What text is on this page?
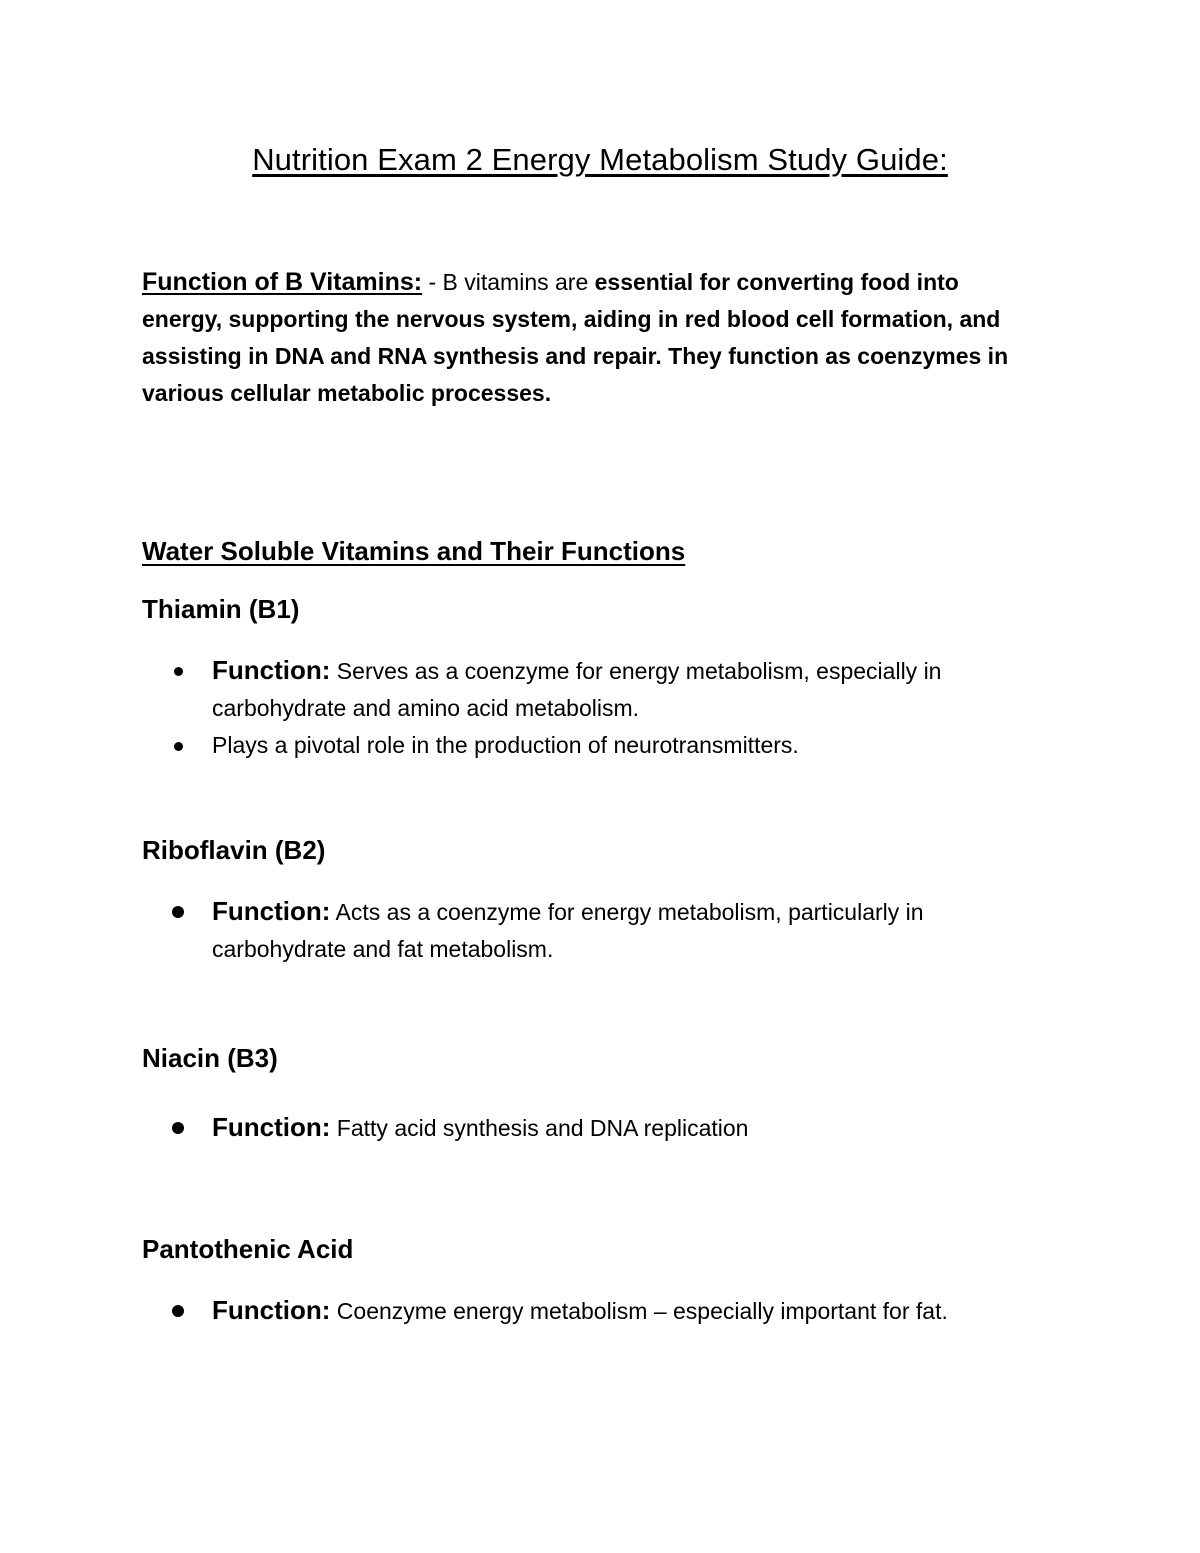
Nutrition Exam 2 Energy Metabolism Study Guide:
Function of B Vitamins: - B vitamins are essential for converting food into energy, supporting the nervous system, aiding in red blood cell formation, and assisting in DNA and RNA synthesis and repair. They function as coenzymes in various cellular metabolic processes.
Water Soluble Vitamins and Their Functions
Thiamin (B1)
Function: Serves as a coenzyme for energy metabolism, especially in carbohydrate and amino acid metabolism.
Plays a pivotal role in the production of neurotransmitters.
Riboflavin (B2)
Function: Acts as a coenzyme for energy metabolism, particularly in carbohydrate and fat metabolism.
Niacin (B3)
Function: Fatty acid synthesis and DNA replication
Pantothenic Acid
Function: Coenzyme energy metabolism – especially important for fat.
